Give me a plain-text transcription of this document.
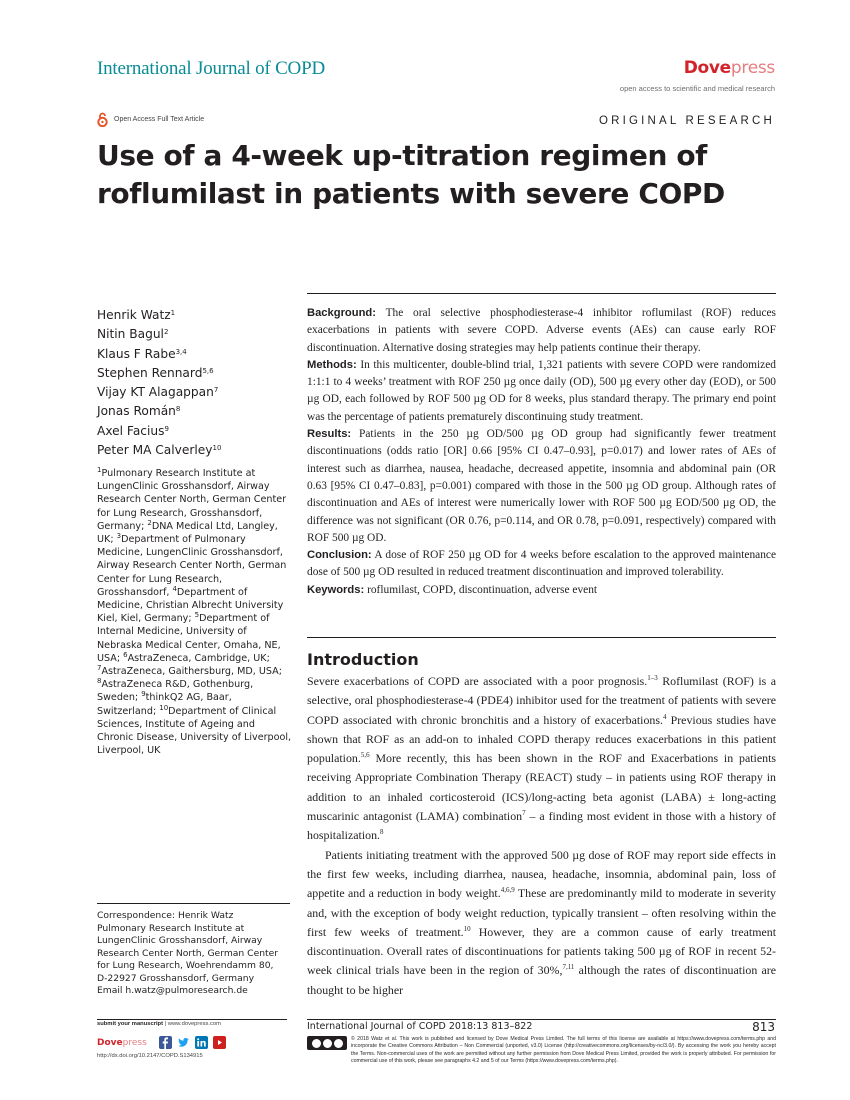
International Journal of COPD	Dovepress
open access to scientific and medical research
Open Access Full Text Article	ORIGINAL RESEARCH
Use of a 4-week up-titration regimen of roflumilast in patients with severe COPD
Henrik Watz$^1$
Nitin Bagul$^2$
Klaus F Rabe$^{3,4}$
Stephen Rennard$^{5,6}$
Vijay KT Alagappan$^7$
Jonas Román$^8$
Axel Facius$^9$
Peter MA Calverley$^{10}$
$^1$Pulmonary Research Institute at LungenClinic Grosshansdorf, Airway Research Center North, German Center for Lung Research, Grosshansdorf, Germany; $^2$DNA Medical Ltd, Langley, UK; $^3$Department of Pulmonary Medicine, LungenClinic Grosshansdorf, Airway Research Center North, German Center for Lung Research, Grosshansdorf, $^4$Department of Medicine, Christian Albrecht University Kiel, Kiel, Germany; $^5$Department of Internal Medicine, University of Nebraska Medical Center, Omaha, NE, USA; $^6$AstraZeneca, Cambridge, UK; $^7$AstraZeneca, Gaithersburg, MD, USA; $^8$AstraZeneca R&D, Gothenburg, Sweden; $^9$thinkQ2 AG, Baar, Switzerland; $^{10}$Department of Clinical Sciences, Institute of Ageing and Chronic Disease, University of Liverpool, Liverpool, UK
Correspondence: Henrik Watz
Pulmonary Research Institute at
LungenClinic Grosshansdorf, Airway
Research Center North, German Center
for Lung Research, Woehrendamm 80,
D-22927 Grosshansdorf, Germany
Email h.watz@pulmoresearch.de

Background: The oral selective phosphodiesterase-4 inhibitor roflumilast (ROF) reduces exacerbations in patients with severe COPD. Adverse events (AEs) can cause early ROF discontinuation. Alternative dosing strategies may help patients continue their therapy.

Methods: In this multicenter, double-blind trial, 1,321 patients with severe COPD were randomized 1:1:1 to 4 weeks’ treatment with ROF 250 µg once daily (OD), 500 µg every other day (EOD), or 500 µg OD, each followed by ROF 500 µg OD for 8 weeks, plus standard therapy. The primary end point was the percentage of patients prematurely discontinuing study treatment.

Results: Patients in the 250 µg OD/500 µg OD group had significantly fewer treatment discontinuations (odds ratio [OR] 0.66 [95% CI 0.47–0.93], p=0.017) and lower rates of AEs of interest such as diarrhea, nausea, headache, decreased appetite, insomnia and abdominal pain (OR 0.63 [95% CI 0.47–0.83], p=0.001) compared with those in the 500 µg OD group. Although rates of discontinuation and AEs of interest were numerically lower with ROF 500 µg EOD/500 µg OD, the difference was not significant (OR 0.76, p=0.114, and OR 0.78, p=0.091, respectively) compared with ROF 500 µg OD.

Conclusion: A dose of ROF 250 µg OD for 4 weeks before escalation to the approved maintenance dose of 500 µg OD resulted in reduced treatment discontinuation and improved tolerability.

Keywords: roflumilast, COPD, discontinuation, adverse event

Introduction

Severe exacerbations of COPD are associated with a poor prognosis.$^{1-3}$ Roflumilast (ROF) is a selective, oral phosphodiesterase-4 (PDE4) inhibitor used for the treatment of patients with severe COPD associated with chronic bronchitis and a history of exacerbations.$^4$ Previous studies have shown that ROF as an add-on to inhaled COPD therapy reduces exacerbations in this patient population.$^{5,6}$ More recently, this has been shown in the ROF and Exacerbations in patients receiving Appropriate Combination Therapy (REACT) study – in patients using ROF therapy in addition to an inhaled corticosteroid (ICS)/long-acting beta agonist (LABA) ± long-acting muscarinic antagonist (LAMA) combination$^7$ – a finding most evident in those with a history of hospitalization.$^8$

Patients initiating treatment with the approved 500 µg dose of ROF may report side effects in the first few weeks, including diarrhea, nausea, headache, insomnia, abdominal pain, loss of appetite and a reduction in body weight.$^{4,6,9}$ These are predominantly mild to moderate in severity and, with the exception of body weight reduction, typically transient – often resolving within the first few weeks of treatment.$^{10}$ However, they are a common cause of early treatment discontinuation. Overall rates of discontinuations for patients taking 500 µg of ROF in recent 52-week clinical trials have been in the region of 30%,$^{7,11}$ although the rates of discontinuation are thought to be higher

submit your manuscript | www.dovepress.com
Dovepress
http://dx.doi.org/10.2147/COPD.S134915
International Journal of COPD 2018:13 813–822	813
© 2018 Watz et al. This work is published and licensed by Dove Medical Press Limited. The full terms of this license are available at https://www.dovepress.com/terms.php and incorporate the Creative Commons Attribution – Non Commercial (unported, v3.0) License (http://creativecommons.org/licenses/by-nc/3.0/). By accessing the work you hereby accept the Terms. Non-commercial uses of the work are permitted without any further permission from Dove Medical Press Limited, provided the work is properly attributed. For permission for commercial use of this work, please see paragraphs 4.2 and 5 of our Terms (https://www.dovepress.com/terms.php).
